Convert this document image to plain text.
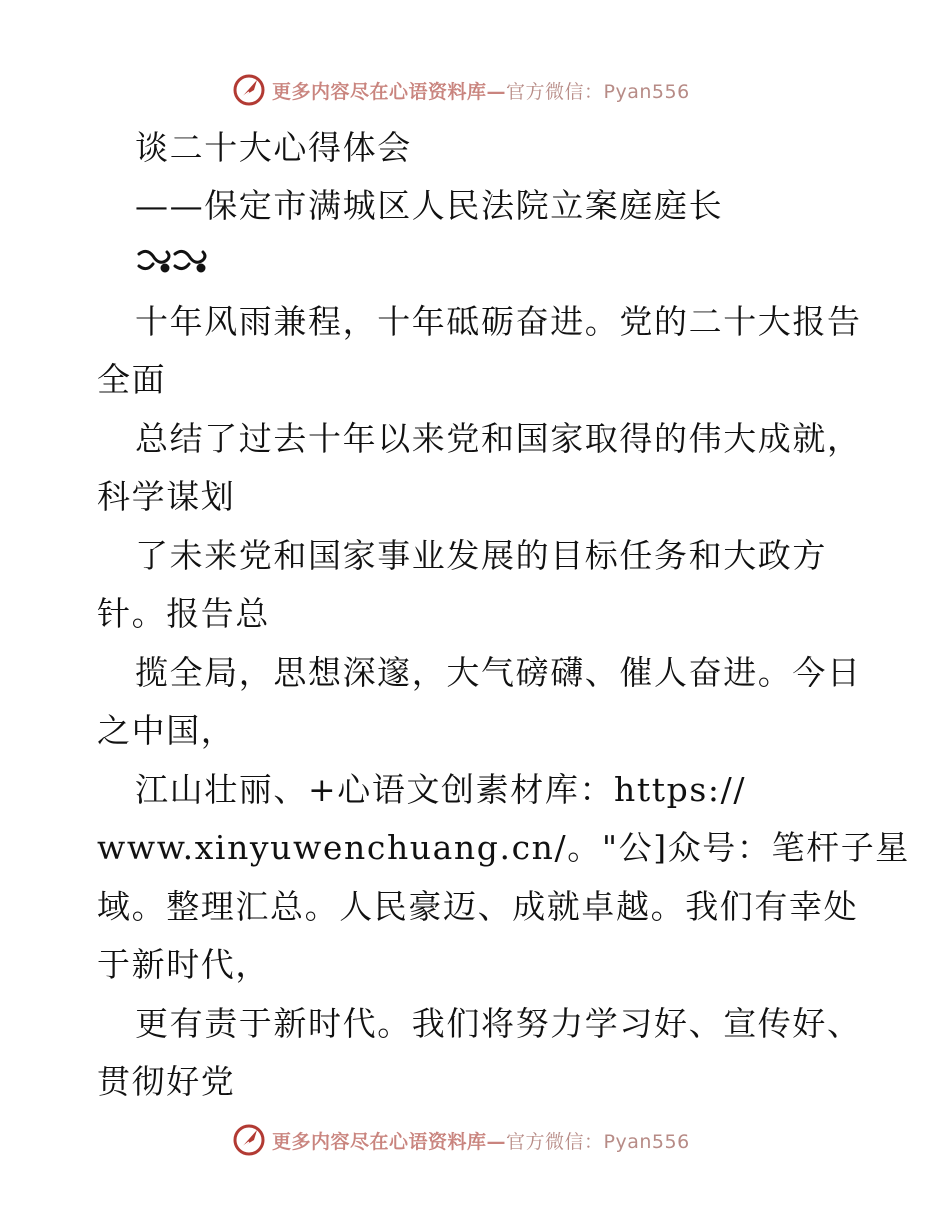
更多内容尽在心语资料库— 官方微信：Pyan556
谈二十大心得体会
——保定市满城区人民法院立案庭庭长
十年风雨兼程，十年砥砺奋进。党的二十大报告
全面
总结了过去十年以来党和国家取得的伟大成就，
科学谋划
了未来党和国家事业发展的目标任务和大政方
针。报告总
揽全局，思想深邃，大气磅礴、催人奋进。今日
之中国，
江山壮丽、+心语文创素材库：https://
www.xinyuwenchuang.cn/。"公]众号：笔杆子星
域。整理汇总。人民豪迈、成就卓越。我们有幸处
于新时代，
更有责于新时代。我们将努力学习好、宣传好、
贯彻好党
更多内容尽在心语资料库— 官方微信：Pyan556
